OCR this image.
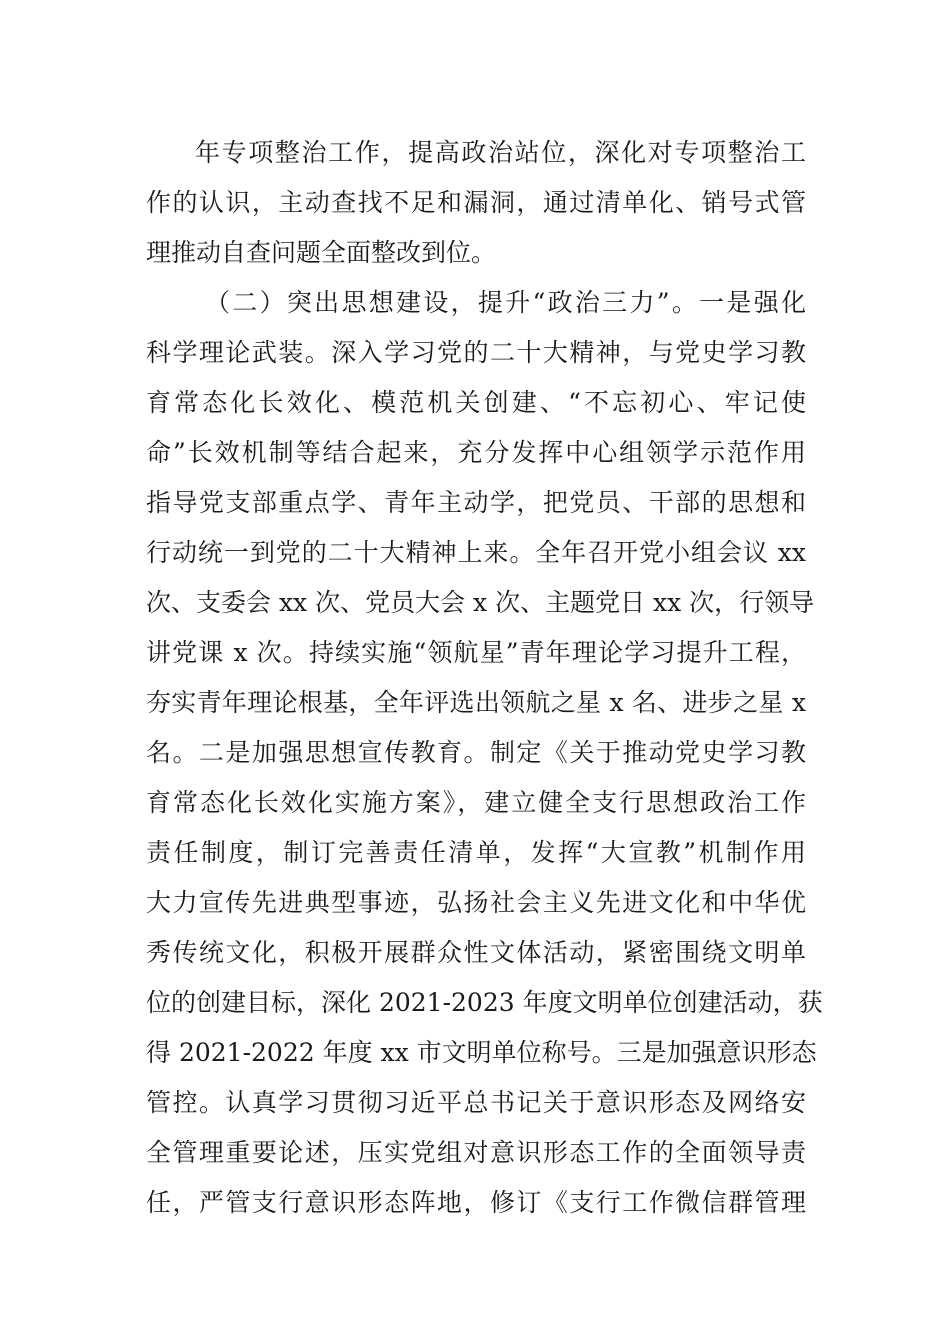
年专项整治工作，提高政治站位，深化对专项整治工
作的认识，主动查找不足和漏洞，通过清单化、销号式管
理推动自查问题全面整改到位。
（二）突出思想建设，提升“政治三力”。一是强化
科学理论武装。深入学习党的二十大精神，与党史学习教
育常态化长效化、模范机关创建、“不忘初心、牢记使
命”长效机制等结合起来，充分发挥中心组领学示范作用
指导党支部重点学、青年主动学，把党员、干部的思想和
行动统一到党的二十大精神上来。全年召开党小组会议 xx
次、支委会 xx 次、党员大会 x 次、主题党日 xx 次，行领导
讲党课 x 次。持续实施“领航星”青年理论学习提升工程，
夯实青年理论根基，全年评选出领航之星 x 名、进步之星 x
名。二是加强思想宣传教育。制定《关于推动党史学习教
育常态化长效化实施方案》，建立健全支行思想政治工作
责任制度，制订完善责任清单，发挥“大宣教”机制作用
大力宣传先进典型事迹，弘扬社会主义先进文化和中华优
秀传统文化，积极开展群众性文体活动，紧密围绕文明单
位的创建目标，深化 2021-2023 年度文明单位创建活动，获
得 2021-2022 年度 xx 市文明单位称号。三是加强意识形态
管控。认真学习贯彻习近平总书记关于意识形态及网络安
全管理重要论述，压实党组对意识形态工作的全面领导责
任，严管支行意识形态阵地，修订《支行工作微信群管理
